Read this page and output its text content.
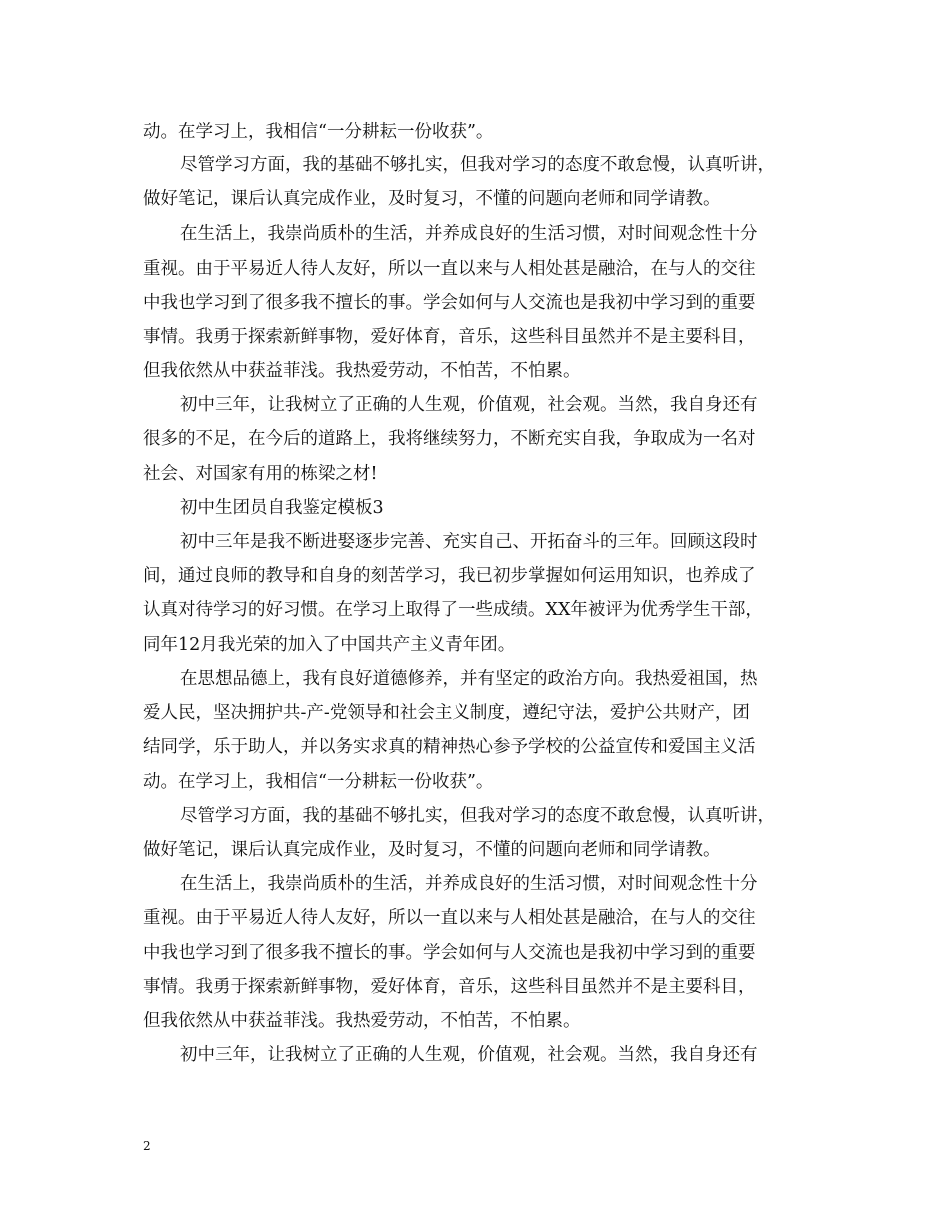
动。在学习上，我相信“一分耕耘一份收获”。
尽管学习方面，我的基础不够扎实，但我对学习的态度不敢怠慢，认真听讲，
做好笔记，课后认真完成作业，及时复习，不懂的问题向老师和同学请教。
在生活上，我崇尚质朴的生活，并养成良好的生活习惯，对时间观念性十分
重视。由于平易近人待人友好，所以一直以来与人相处甚是融洽，在与人的交往
中我也学习到了很多我不擅长的事。学会如何与人交流也是我初中学习到的重要
事情。我勇于探索新鲜事物，爱好体育，音乐，这些科目虽然并不是主要科目，
但我依然从中获益菲浅。我热爱劳动，不怕苦，不怕累。
初中三年，让我树立了正确的人生观，价值观，社会观。当然，我自身还有
很多的不足，在今后的道路上，我将继续努力，不断充实自我，争取成为一名对
社会、对国家有用的栋梁之材!
初中生团员自我鉴定模板3
初中三年是我不断进娶逐步完善、充实自己、开拓奋斗的三年。回顾这段时
间，通过良师的教导和自身的刻苦学习，我已初步掌握如何运用知识，也养成了
认真对待学习的好习惯。在学习上取得了一些成绩。XX年被评为优秀学生干部，
同年12月我光荣的加入了中国共产主义青年团。
在思想品德上，我有良好道德修养，并有坚定的政治方向。我热爱祖国，热
爱人民，坚决拥护共-产-党领导和社会主义制度，遵纪守法，爱护公共财产，团
结同学，乐于助人，并以务实求真的精神热心参予学校的公益宣传和爱国主义活
动。在学习上，我相信“一分耕耘一份收获”。
尽管学习方面，我的基础不够扎实，但我对学习的态度不敢怠慢，认真听讲，
做好笔记，课后认真完成作业，及时复习，不懂的问题向老师和同学请教。
在生活上，我崇尚质朴的生活，并养成良好的生活习惯，对时间观念性十分
重视。由于平易近人待人友好，所以一直以来与人相处甚是融洽，在与人的交往
中我也学习到了很多我不擅长的事。学会如何与人交流也是我初中学习到的重要
事情。我勇于探索新鲜事物，爱好体育，音乐，这些科目虽然并不是主要科目，
但我依然从中获益菲浅。我热爱劳动，不怕苦，不怕累。
初中三年，让我树立了正确的人生观，价值观，社会观。当然，我自身还有
2
